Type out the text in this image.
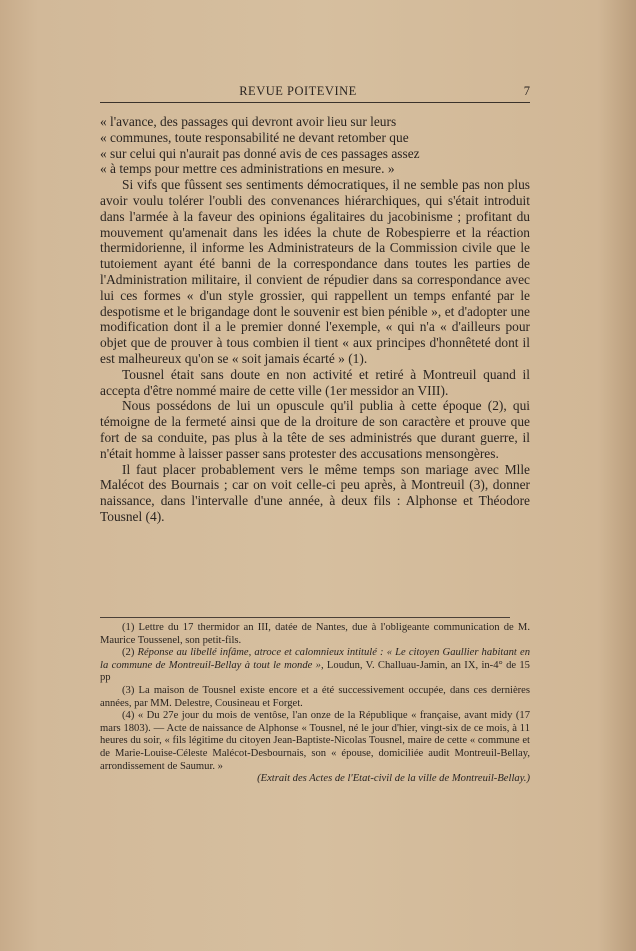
REVUE POITEVINE	7

« l'avance, des passages qui devront avoir lieu sur leurs
« communes, toute responsabilité ne devant retomber que
« sur celui qui n'aurait pas donné avis de ces passages assez
« à temps pour mettre ces administrations en mesure. »

Si vifs que fûssent ses sentiments démocratiques, il ne semble pas non plus avoir voulu tolérer l'oubli des convenances hiérarchiques, qui s'était introduit dans l'armée à la faveur des opinions égalitaires du jacobinisme ; profitant du mouvement qu'amenait dans les idées la chute de Robespierre et la réaction thermidorienne, il informe les Administrateurs de la Commission civile que le tutoiement ayant été banni de la correspondance dans toutes les parties de l'Administration militaire, il convient de répudier dans sa correspondance avec lui ces formes « d'un style grossier, qui rappellent un temps enfanté par le despotisme et le brigandage dont le souvenir est bien pénible », et d'adopter une modification dont il a le premier donné l'exemple, « qui n'a « d'ailleurs pour objet que de prouver à tous combien il tient « aux principes d'honnêteté dont il est malheureux qu'on se « soit jamais écarté » (1).

Tousnel était sans doute en non activité et retiré à Montreuil quand il accepta d'être nommé maire de cette ville (1er messidor an VIII).

Nous possédons de lui un opuscule qu'il publia à cette époque (2), qui témoigne de la fermeté ainsi que de la droiture de son caractère et prouve que fort de sa conduite, pas plus à la tête de ses administrés que durant guerre, il n'était homme à laisser passer sans protester des accusations mensongères.

Il faut placer probablement vers le même temps son mariage avec Mlle Malécot des Bournais ; car on voit celle-ci peu après, à Montreuil (3), donner naissance, dans l'intervalle d'une année, à deux fils : Alphonse et Théodore Tousnel (4).

(1) Lettre du 17 thermidor an III, datée de Nantes, due à l'obligeante communication de M. Maurice Toussenel, son petit-fils.

(2) Réponse au libellé infâme, atroce et calomnieux intitulé : « Le citoyen Gaullier habitant en la commune de Montreuil-Bellay à tout le monde », Loudun, V. Challuau-Jamin, an IX, in-4° de 15 pp

(3) La maison de Tousnel existe encore et a été successivement occupée, dans ces dernières années, par MM. Delestre, Cousineau et Forget.

(4) « Du 27e jour du mois de ventôse, l'an onze de la République « française, avant midy (17 mars 1803). — Acte de naissance de Alphonse « Tousnel, né le jour d'hier, vingt-six de ce mois, à 11 heures du soir, « fils légitime du citoyen Jean-Baptiste-Nicolas Tousnel, maire de cette « commune et de Marie-Louise-Céleste Malécot-Desbournais, son « épouse, domiciliée audit Montreuil-Bellay, arrondissement de Saumur. »

(Extrait des Actes de l'Etat-civil de la ville de Montreuil-Bellay.)
